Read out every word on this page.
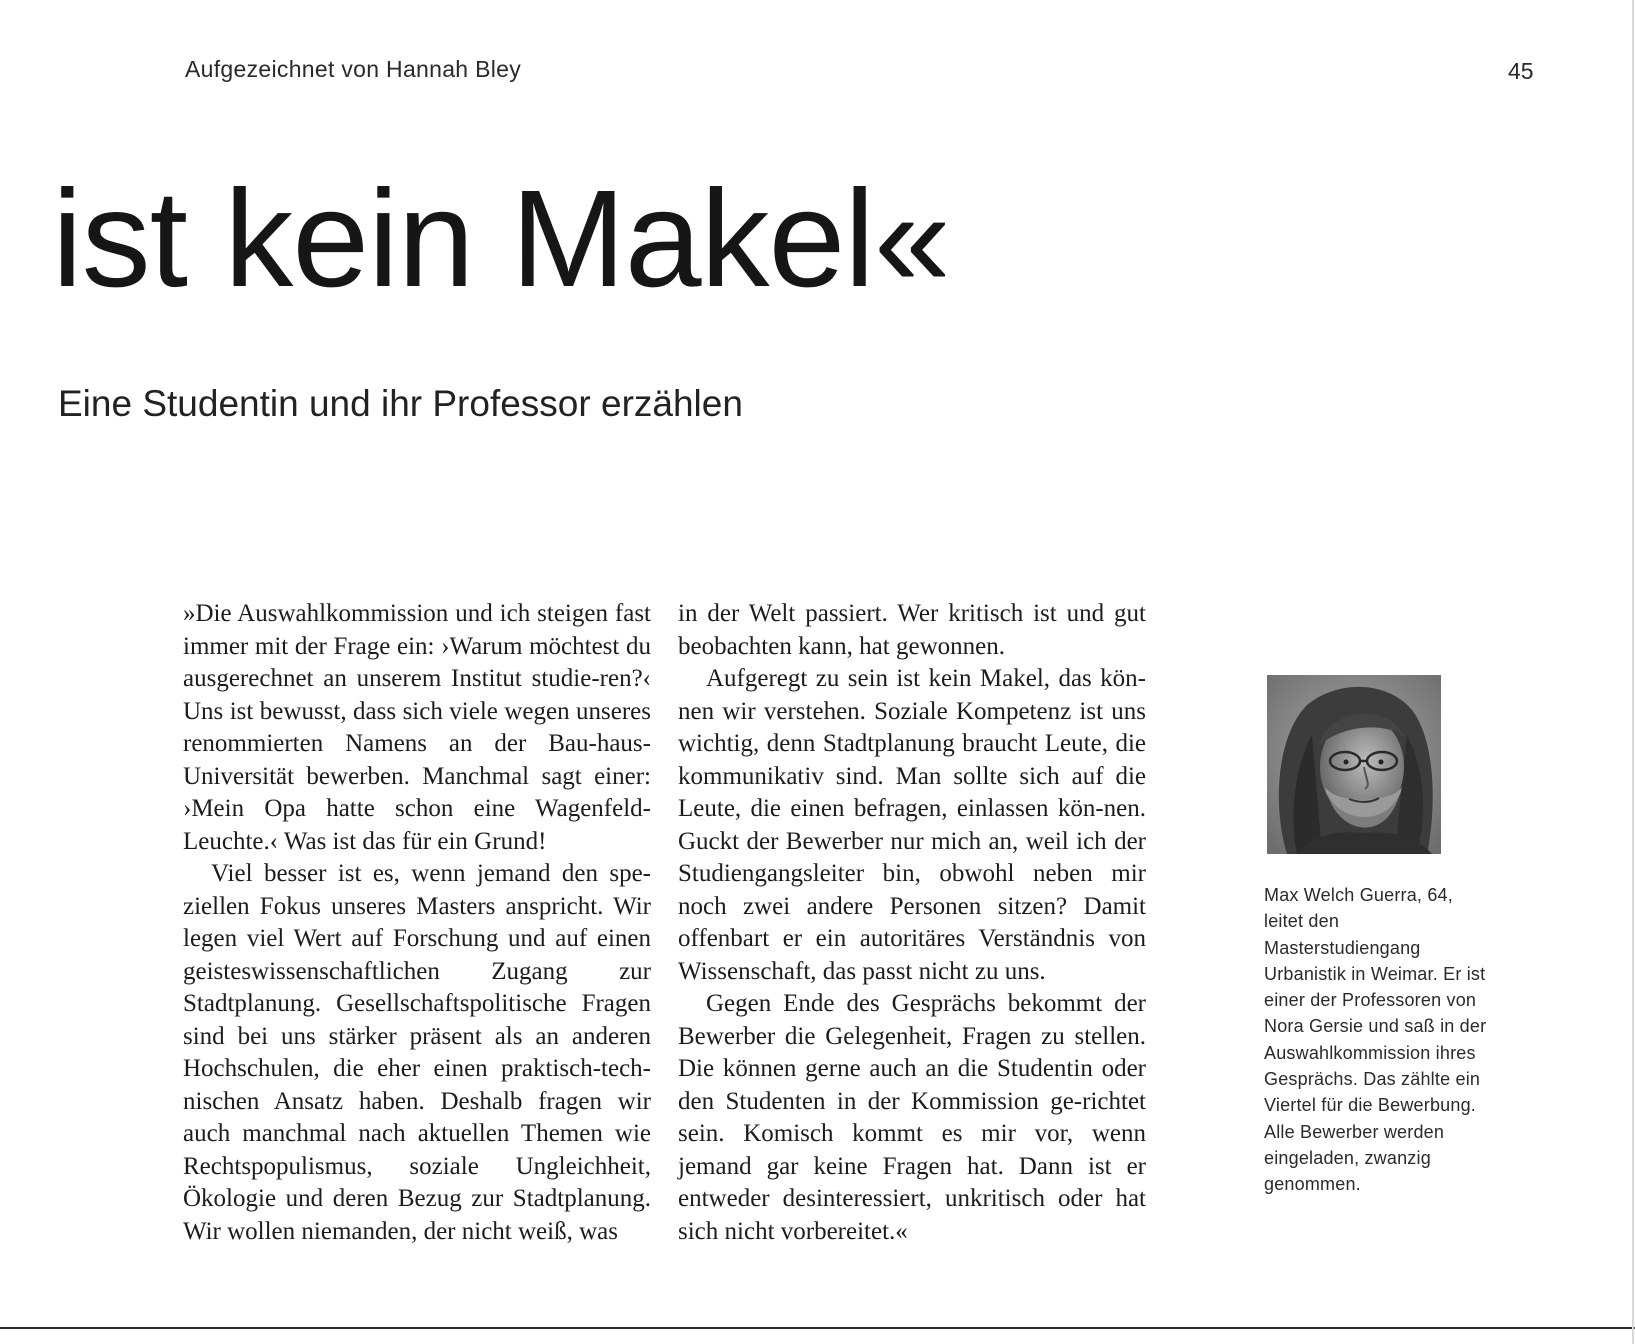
Aufgezeichnet von Hannah Bley	45
ist kein Makel«
Eine Studentin und ihr Professor erzählen

»Die Auswahlkommission und ich steigen fast immer mit der Frage ein: ›Warum möchtest du ausgerechnet an unserem Institut studie-ren?‹ Uns ist bewusst, dass sich viele wegen unseres renommierten Namens an der Bau-haus-Universität bewerben. Manchmal sagt einer: ›Mein Opa hatte schon eine Wagenfeld-Leuchte.‹ Was ist das für ein Grund!

Viel besser ist es, wenn jemand den spe-ziellen Fokus unseres Masters anspricht. Wir legen viel Wert auf Forschung und auf einen geisteswissenschaftlichen Zugang zur Stadtplanung. Gesellschaftspolitische Fragen sind bei uns stärker präsent als an anderen Hochschulen, die eher einen praktisch-tech-nischen Ansatz haben. Deshalb fragen wir auch manchmal nach aktuellen Themen wie Rechtspopulismus, soziale Ungleichheit, Ökologie und deren Bezug zur Stadtplanung. Wir wollen niemanden, der nicht weiß, was

in der Welt passiert. Wer kritisch ist und gut beobachten kann, hat gewonnen.

Aufgeregt zu sein ist kein Makel, das kön-nen wir verstehen. Soziale Kompetenz ist uns wichtig, denn Stadtplanung braucht Leute, die kommunikativ sind. Man sollte sich auf die Leute, die einen befragen, einlassen kön-nen. Guckt der Bewerber nur mich an, weil ich der Studiengangsleiter bin, obwohl neben mir noch zwei andere Personen sitzen? Damit offenbart er ein autoritäres Verständnis von Wissenschaft, das passt nicht zu uns.

Gegen Ende des Gesprächs bekommt der Bewerber die Gelegenheit, Fragen zu stellen. Die können gerne auch an die Studentin oder den Studenten in der Kommission ge-richtet sein. Komisch kommt es mir vor, wenn jemand gar keine Fragen hat. Dann ist er entweder desinteressiert, unkritisch oder hat sich nicht vorbereitet.«

Max Welch Guerra, 64, leitet den Masterstudiengang Urbanistik in Weimar. Er ist einer der Professoren von Nora Gersie und saß in der Auswahlkommission ihres Gesprächs. Das zählte ein Viertel für die Bewerbung. Alle Bewerber werden eingeladen, zwanzig genommen.
